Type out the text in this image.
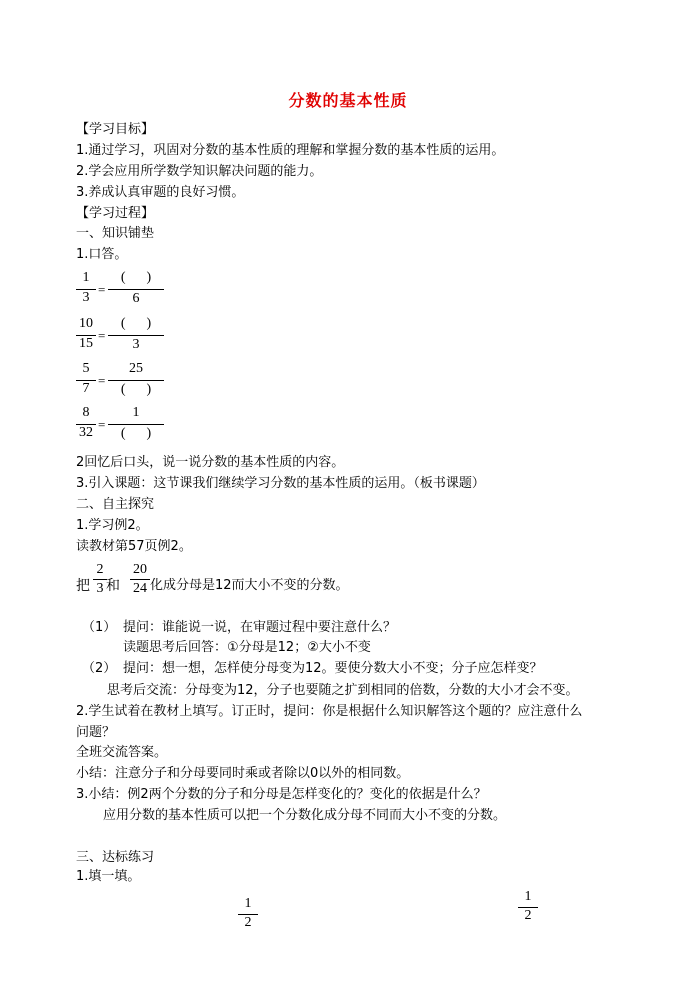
分数的基本性质
【学习目标】
1.通过学习，巩固对分数的基本性质的理解和掌握分数的基本性质的运用。
2.学会应用所学数学知识解决问题的能力。
3.养成认真审题的良好习惯。
【学习过程】
一、知识铺垫
1.口答。
1
3
=
(      )
6
10
15
=
(      )
3
5
7
=
25
(      )
8
32
=
1
(      )
2回忆后口头，说一说分数的基本性质的内容。
3.引入课题：这节课我们继续学习分数的基本性质的运用。（板书课题）
二、自主探究
1.学习例2。
读教材第57页例2。
把
2
3 和
20
24 化成分母是12而大小不变的分数。
（1） 提问：谁能说一说，在审题过程中要注意什么？
读题思考后回答：①分母是12；②大小不变
（2） 提问：想一想，怎样使分母变为12。要使分数大小不变；分子应怎样变？
思考后交流：分母变为12，分子也要随之扩到相同的倍数，分数的大小才会不变。
2.学生试着在教材上填写。订正时，提问：你是根据什么知识解答这个题的？应注意什么
问题？
全班交流答案。
小结：注意分子和分母要同时乘或者除以0以外的相同数。
3.小结：例2两个分数的分子和分母是怎样变化的？变化的依据是什么？
应用分数的基本性质可以把一个分数化成分母不同而大小不变的分数。
三、达标练习
1.填一填。
1
2
1
2
